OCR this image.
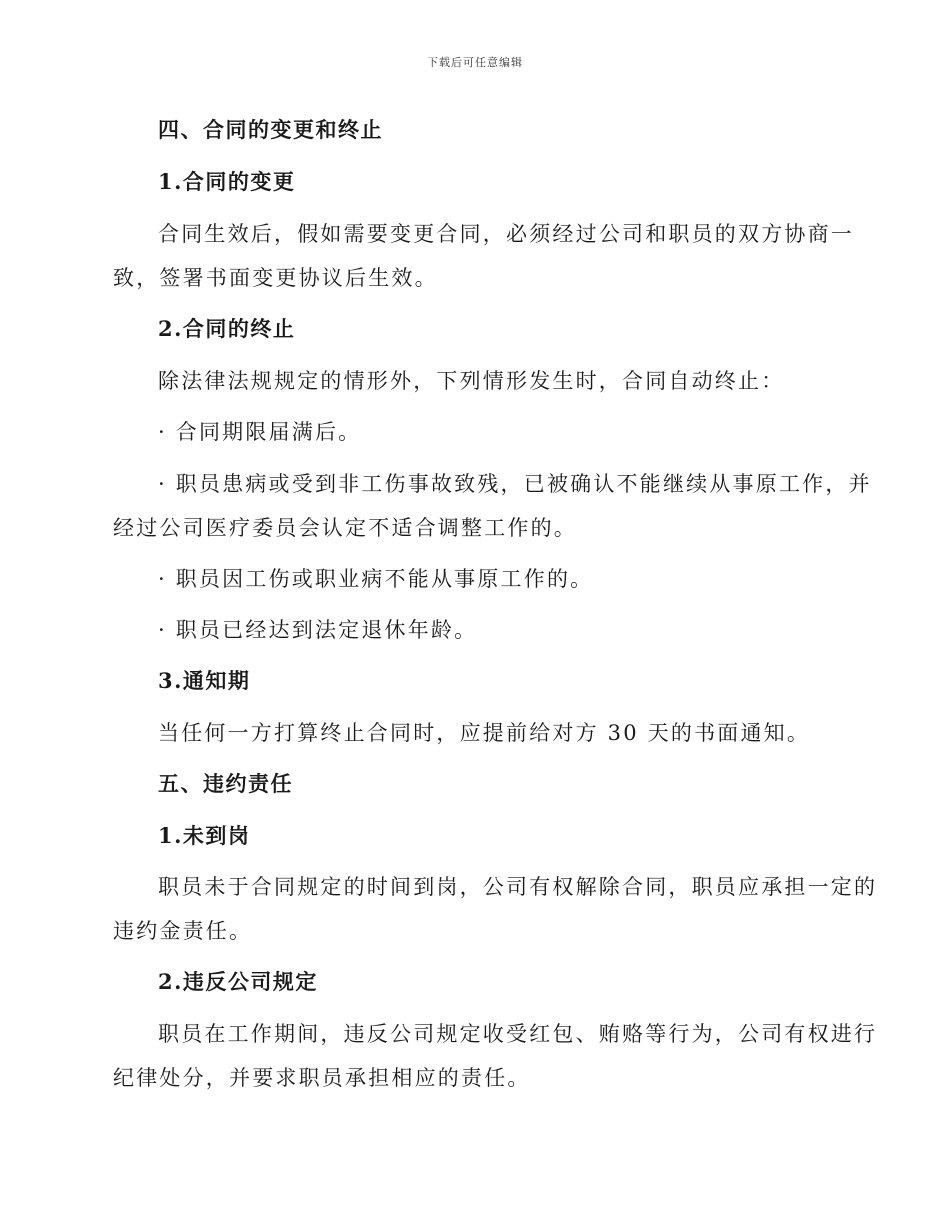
下载后可任意编辑
四、合同的变更和终止
1.合同的变更
合同生效后，假如需要变更合同，必须经过公司和职员的双方协商一
致，签署书面变更协议后生效。
2.合同的终止
除法律法规规定的情形外，下列情形发生时，合同自动终止：
· 合同期限届满后。
· 职员患病或受到非工伤事故致残，已被确认不能继续从事原工作，并
经过公司医疗委员会认定不适合调整工作的。
· 职员因工伤或职业病不能从事原工作的。
· 职员已经达到法定退休年龄。
3.通知期
当任何一方打算终止合同时，应提前给对方 30 天的书面通知。
五、违约责任
1.未到岗
职员未于合同规定的时间到岗，公司有权解除合同，职员应承担一定的
违约金责任。
2.违反公司规定
职员在工作期间，违反公司规定收受红包、贿赂等行为，公司有权进行
纪律处分，并要求职员承担相应的责任。
